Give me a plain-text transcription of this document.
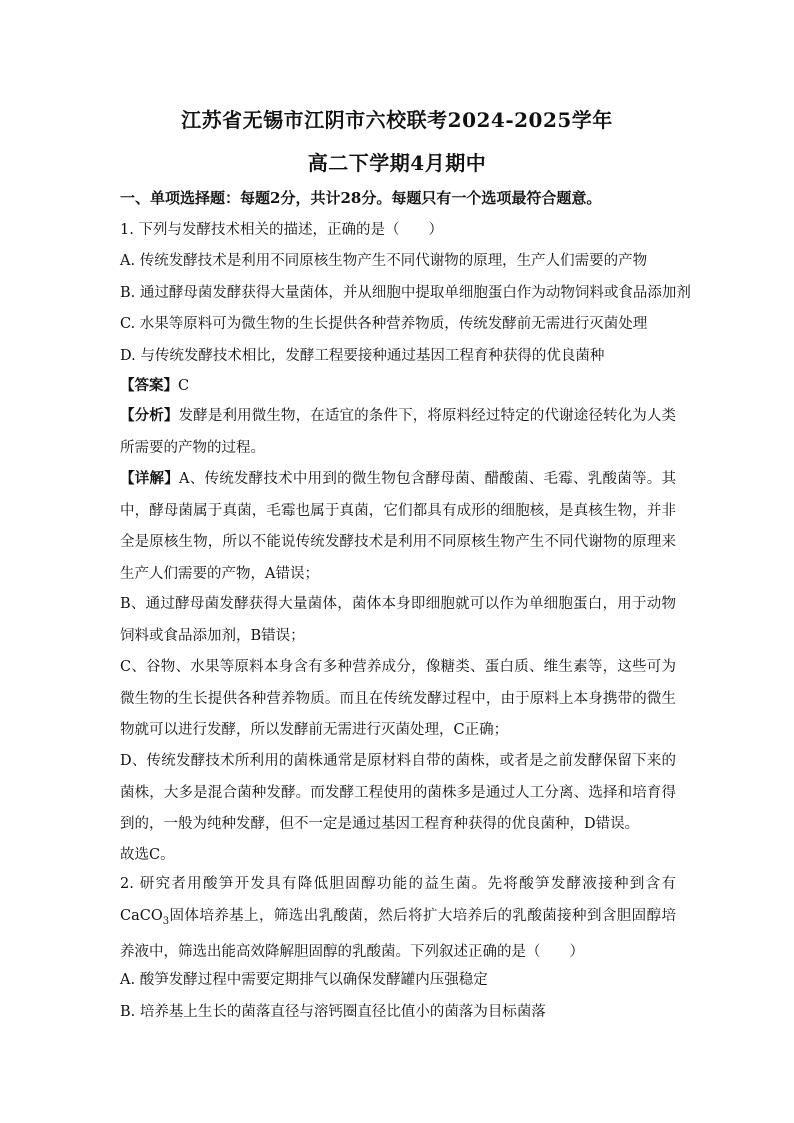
江苏省无锡市江阴市六校联考2024-2025学年
高二下学期4月期中
一、单项选择题：每题2分，共计28分。每题只有一个选项最符合题意。
1. 下列与发酵技术相关的描述，正确的是（　　）
A. 传统发酵技术是利用不同原核生物产生不同代谢物的原理，生产人们需要的产物
B. 通过酵母菌发酵获得大量菌体，并从细胞中提取单细胞蛋白作为动物饲料或食品添加剂
C. 水果等原料可为微生物的生长提供各种营养物质，传统发酵前无需进行灭菌处理
D. 与传统发酵技术相比，发酵工程要接种通过基因工程育种获得的优良菌种
【答案】C
【分析】发酵是利用微生物，在适宜的条件下，将原料经过特定的代谢途径转化为人类所需要的产物的过程。
【详解】A、传统发酵技术中用到的微生物包含酵母菌、醋酸菌、毛霉、乳酸菌等。其中，酵母菌属于真菌，毛霉也属于真菌，它们都具有成形的细胞核，是真核生物，并非全是原核生物，所以不能说传统发酵技术是利用不同原核生物产生不同代谢物的原理来生产人们需要的产物，A错误；
B、通过酵母菌发酵获得大量菌体，菌体本身即细胞就可以作为单细胞蛋白，用于动物饲料或食品添加剂，B错误；
C、谷物、水果等原料本身含有多种营养成分，像糖类、蛋白质、维生素等，这些可为微生物的生长提供各种营养物质。而且在传统发酵过程中，由于原料上本身携带的微生物就可以进行发酵，所以发酵前无需进行灭菌处理，C正确；
D、传统发酵技术所利用的菌株通常是原材料自带的菌株，或者是之前发酵保留下来的菌株，大多是混合菌种发酵。而发酵工程使用的菌株多是通过人工分离、选择和培育得到的，一般为纯种发酵，但不一定是通过基因工程育种获得的优良菌种，D错误。
故选C。
2. 研究者用酸笋开发具有降低胆固醇功能的益生菌。先将酸笋发酵液接种到含有CaCO$_3$固体培养基上，筛选出乳酸菌，然后将扩大培养后的乳酸菌接种到含胆固醇培养液中，筛选出能高效降解胆固醇的乳酸菌。下列叙述正确的是（　　）
A. 酸笋发酵过程中需要定期排气以确保发酵罐内压强稳定
B. 培养基上生长的菌落直径与溶钙圈直径比值小的菌落为目标菌落
